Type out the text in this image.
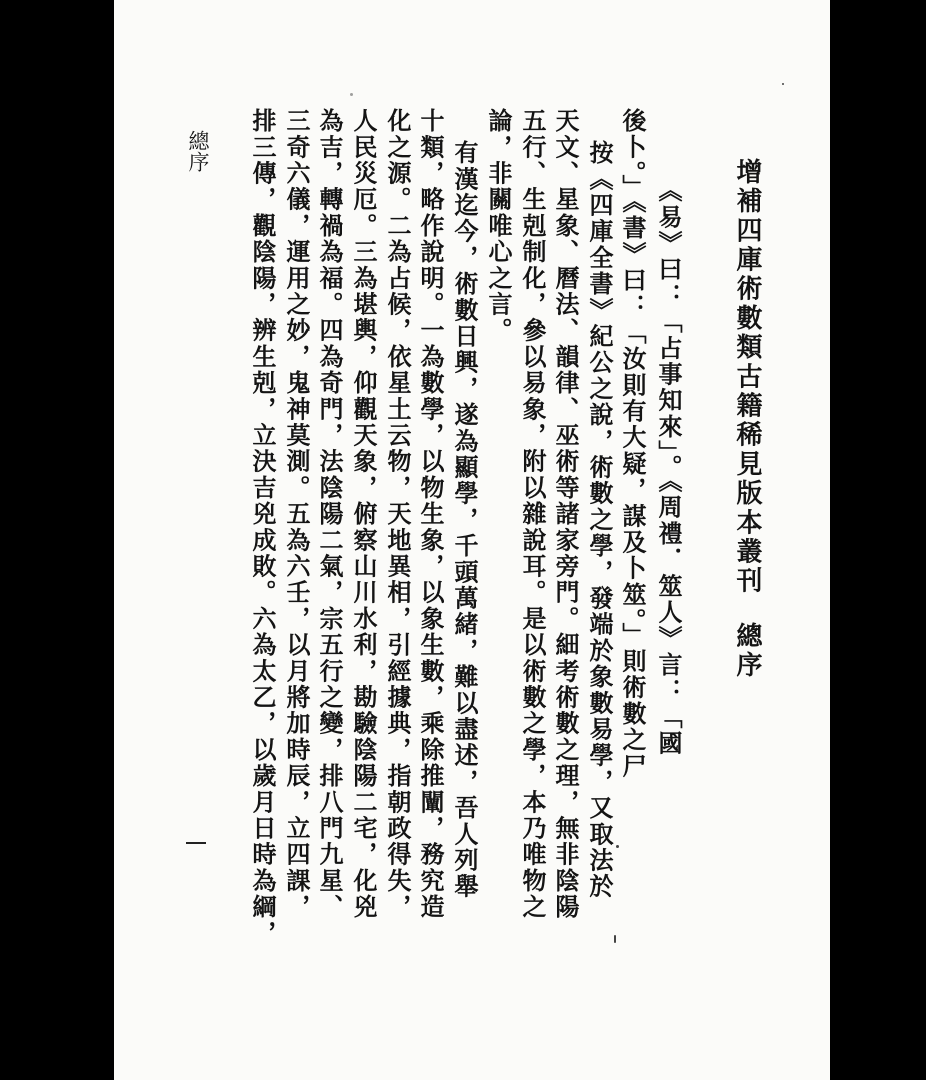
增補四庫術數類古籍稀見版本叢刊總序
《易》曰：「占事知來」。《周禮．筮人》言：「國
後卜。」《書》曰：「汝則有大疑，謀及卜筮。」則術數之尸
按《四庫全書》紀公之說，術數之學，發端於象數易學，又取法於
天文、星象、曆法、韻律、巫術等諸家旁門。細考術數之理，無非陰陽
五行、生剋制化，參以易象，附以雜說耳。是以術數之學，本乃唯物之
論，非關唯心之言。
有漢迄今，術數日興，遂為顯學，千頭萬緒，難以盡述，吾人列舉
十類，略作說明。一為數學，以物生象，以象生數，乘除推闡，務究造
化之源。二為占候，依星土云物，天地異相，引經據典，指朝政得失，
人民災厄。三為堪輿，仰觀天象，俯察山川水利，勘驗陰陽二宅，化兇
為吉，轉禍為福。四為奇門，法陰陽二氣，宗五行之變，排八門九星、
三奇六儀，運用之妙，鬼神莫測。五為六壬，以月將加時辰，立四課，
排三傳，觀陰陽，辨生剋，立決吉兇成敗。六為太乙，以歲月日時為綱，
總序
